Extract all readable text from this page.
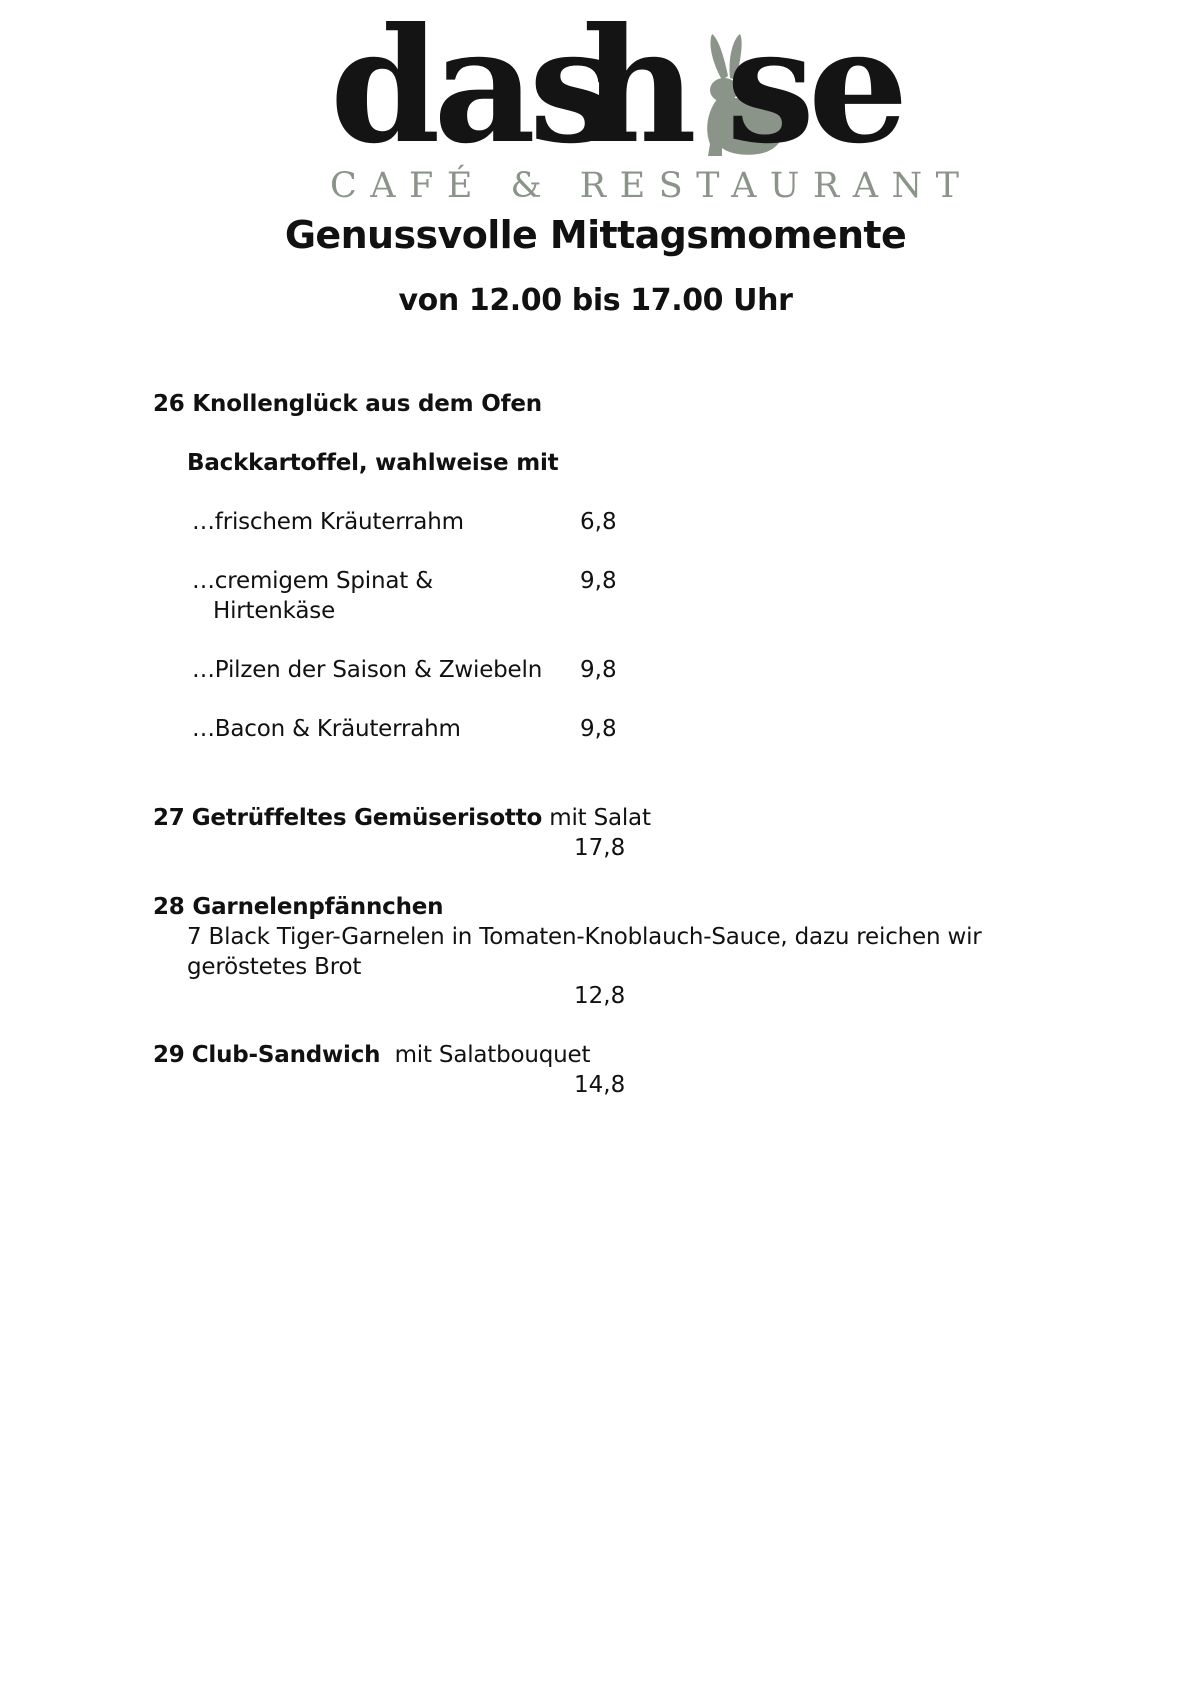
das
h se
CAFÉ & RESTAURANT
Genussvolle Mittagsmomente
von 12.00 bis 17.00 Uhr
26 Knollenglück aus dem Ofen
Backkartoffel, wahlweise mit
…frischem Kräuterrahm	6,8
…cremigem Spinat &
Hirtenkäse
9,8
…Pilzen der Saison & Zwiebeln 9,8
…Bacon & Kräuterrahm	9,8
27 Getrüffeltes Gemüserisotto mit Salat
17,8
28 Garnelenpfännchen
7 Black Tiger-Garnelen in Tomaten-Knoblauch-Sauce, dazu reichen wir
geröstetes Brot
12,8
29 Club-Sandwich mit Salatbouquet
14,8
